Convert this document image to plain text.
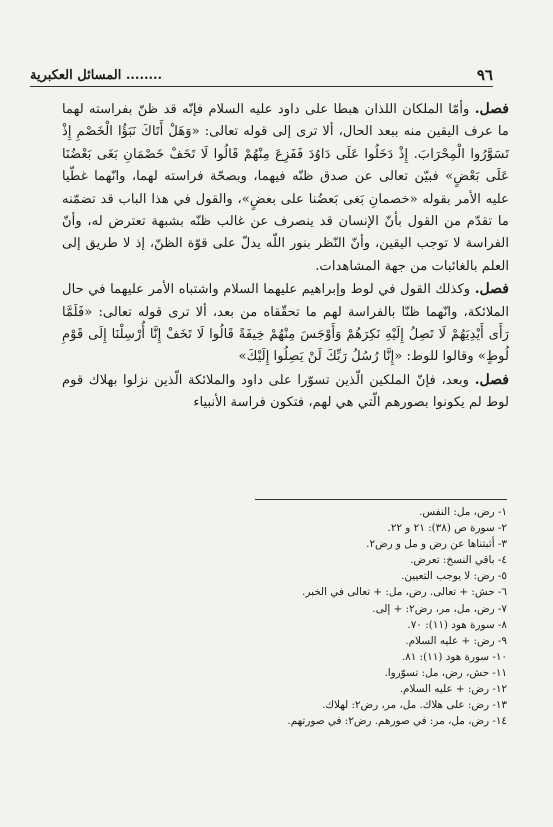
٩٦
........ المسائل العكبرية

فصل. وأمّا الملكان اللذان هبطا على داود عليه السلام فإنّه قد ظنّ بفراسته لهما ما عرف اليقين منه ببعد الحال، ألا ترى إلى قوله تعالى: «وَهَلْ أَتَاكَ نَبَؤُا الْخَصْمِ إِذْ تَسَوَّرُوا الْمِحْرَابَ. إِذْ دَخَلُوا عَلَى دَاوُدَ فَفَزِعَ مِنْهُمْ قَالُوا لَا تَخَفْ خَصْمَانِ بَغَى بَعْضُنَا عَلَى بَعْضٍ» فبيّن تعالى عن صدق ظنّه فيهما، وبصحّة فراسته لهما، وانّهما غطّيا عليه الأمر بقوله «خصمانِ بَغى بَعضُنا على بعضٍ»، والقول في هذا الباب قد تضمّنه ما تقدّم من القول بأنّ الإنسان قد ينصرف عن غالب ظنّه بشبهة تعترض له، وأنّ الفراسة لا توجب اليقين، وأنّ النّظر بنور اللّه يدلّ على قوّة الظنّ، إذ لا طريق إلى العلم بالغائبات من جهة المشاهدات.

فصل. وكذلك القول في لوط وإبراهيم عليهما السلام واشتباه الأمر عليهما في حال الملائكة، وانّهما ظنّا بالفراسة لهم ما تحقّقاه من بعد، ألا ترى قوله تعالى: «فَلَمَّا رَأَى أَيْدِيَهُمْ لَا تَصِلُ إِلَيْهِ نَكِرَهُمْ وَأَوْجَسَ مِنْهُمْ خِيفَةً قَالُوا لَا تَخَفْ إِنَّا أُرْسِلْنَا إِلَى قَوْمِ لُوطٍ» وقالوا للوط: «إِنَّا رُسُلُ رَبِّكَ لَنْ يَصِلُوا إِلَيْكَ»

فصل. وبعد، فإنّ الملكين الّذين تسوّرا على داود والملائكة الّذين نزلوا بهلاك قوم لوط لم يكونوا بصورهم الّتي هي لهم، فتكون فراسة الأنبياء

١- رض، مل: النفس.
٢- سورة ص (٣٨): ٢١ و ٢٢.
٣- أثبتناها عن رض و مل و رض٢.
٤- باقي النسخ: تعرض.
٥- رض: لا يوجب التعيين.
٦- حش: + تعالى. رض، مل: + تعالى في الخبر.
٧- رض، مل، مر، رض٢: + إلى.
٨- سورة هود (١١): ٧٠.
٩- رض: + عليه السلام.
١٠- سورة هود (١١): ٨١.
١١- حش، رض، مل: تسوّروا.
١٢- رض: + عليه السلام.
١٣- رض: على هلاك. مل، مر، رض٢: لهلاك.
١٤- رض، مل، مر: في صورهم. رض٢: في صورتهم.
